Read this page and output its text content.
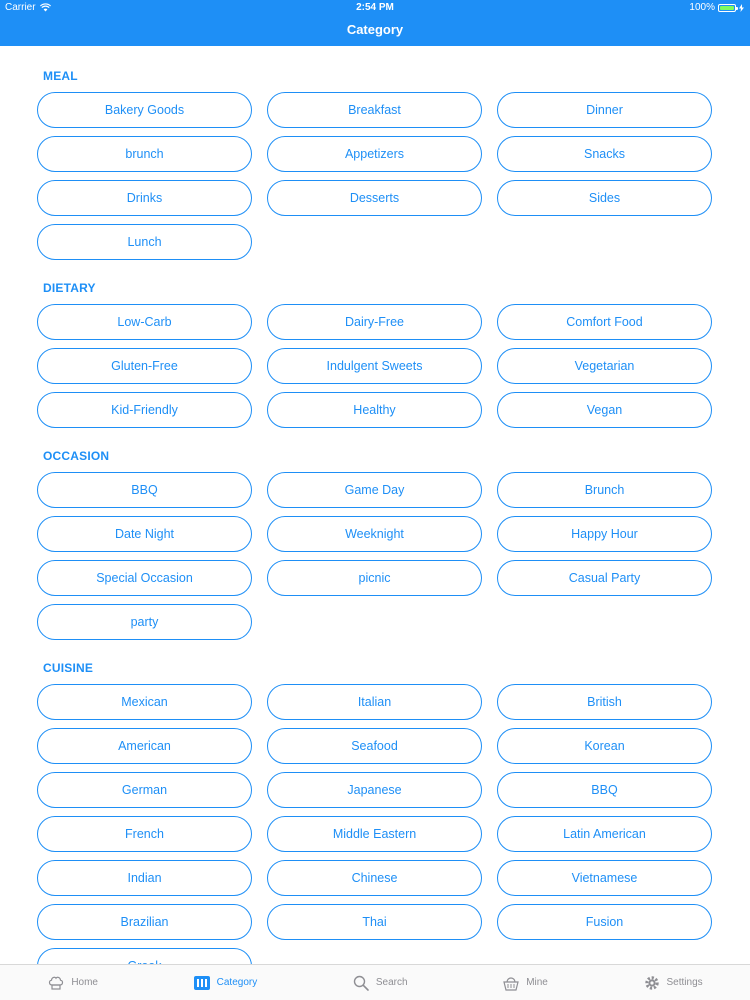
Carrier	2:54 PM	100%
Category
MEAL
Bakery Goods	Breakfast	Dinner
brunch	Appetizers	Snacks
Drinks	Desserts	Sides
Lunch
DIETARY
Low-Carb	Dairy-Free	Comfort Food
Gluten-Free	Indulgent Sweets	Vegetarian
Kid-Friendly	Healthy	Vegan
OCCASION
BBQ	Game Day	Brunch
Date Night	Weeknight	Happy Hour
Special Occasion	picnic	Casual Party
party
CUISINE
Mexican	Italian	British
American	Seafood	Korean
German	Japanese	BBQ
French	Middle Eastern	Latin American
Indian	Chinese	Vietnamese
Brazilian	Thai	Fusion
Home	Category	Search	Mine	Settings
